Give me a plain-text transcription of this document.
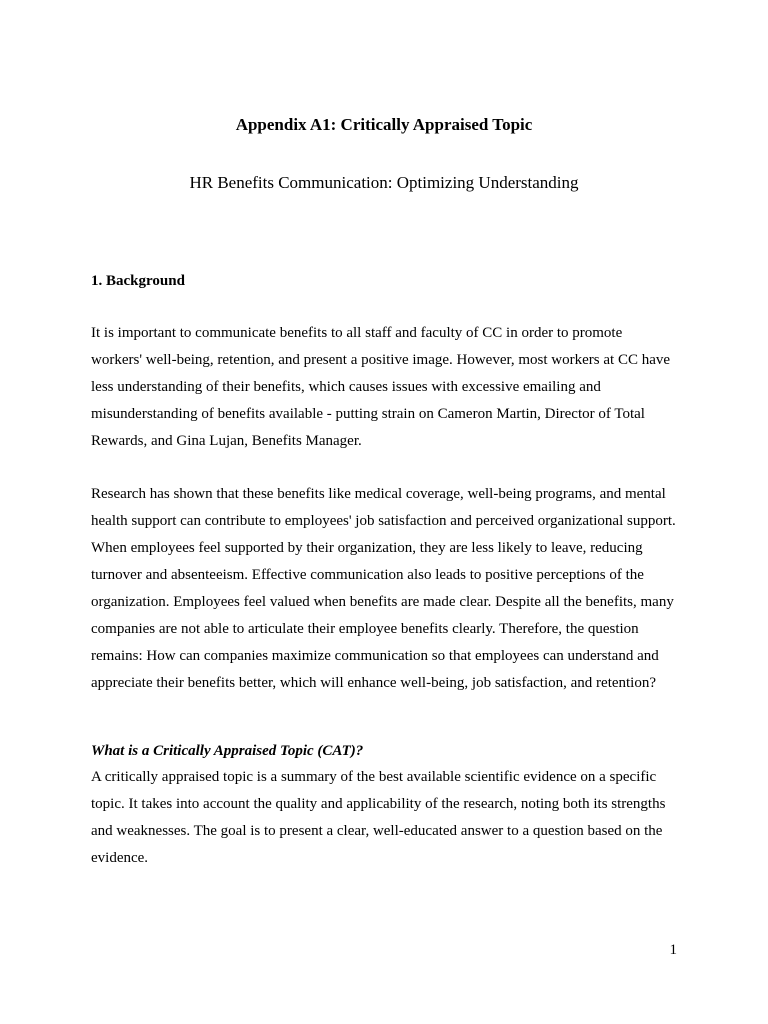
Appendix A1: Critically Appraised Topic
HR Benefits Communication: Optimizing Understanding
1. Background

It is important to communicate benefits to all staff and faculty of CC in order to promote
workers' well-being, retention, and present a positive image. However, most workers at CC have
less understanding of their benefits, which causes issues with excessive emailing and
misunderstanding of benefits available - putting strain on Cameron Martin, Director of Total
Rewards, and Gina Lujan, Benefits Manager.

Research has shown that these benefits like medical coverage, well-being programs, and mental
health support can contribute to employees' job satisfaction and perceived organizational support.
When employees feel supported by their organization, they are less likely to leave, reducing
turnover and absenteeism. Effective communication also leads to positive perceptions of the
organization. Employees feel valued when benefits are made clear. Despite all the benefits, many
companies are not able to articulate their employee benefits clearly. Therefore, the question
remains: How can companies maximize communication so that employees can understand and
appreciate their benefits better, which will enhance well-being, job satisfaction, and retention?

What is a Critically Appraised Topic (CAT)?

A critically appraised topic is a summary of the best available scientific evidence on a specific
topic. It takes into account the quality and applicability of the research, noting both its strengths
and weaknesses. The goal is to present a clear, well-educated answer to a question based on the
evidence.

1
